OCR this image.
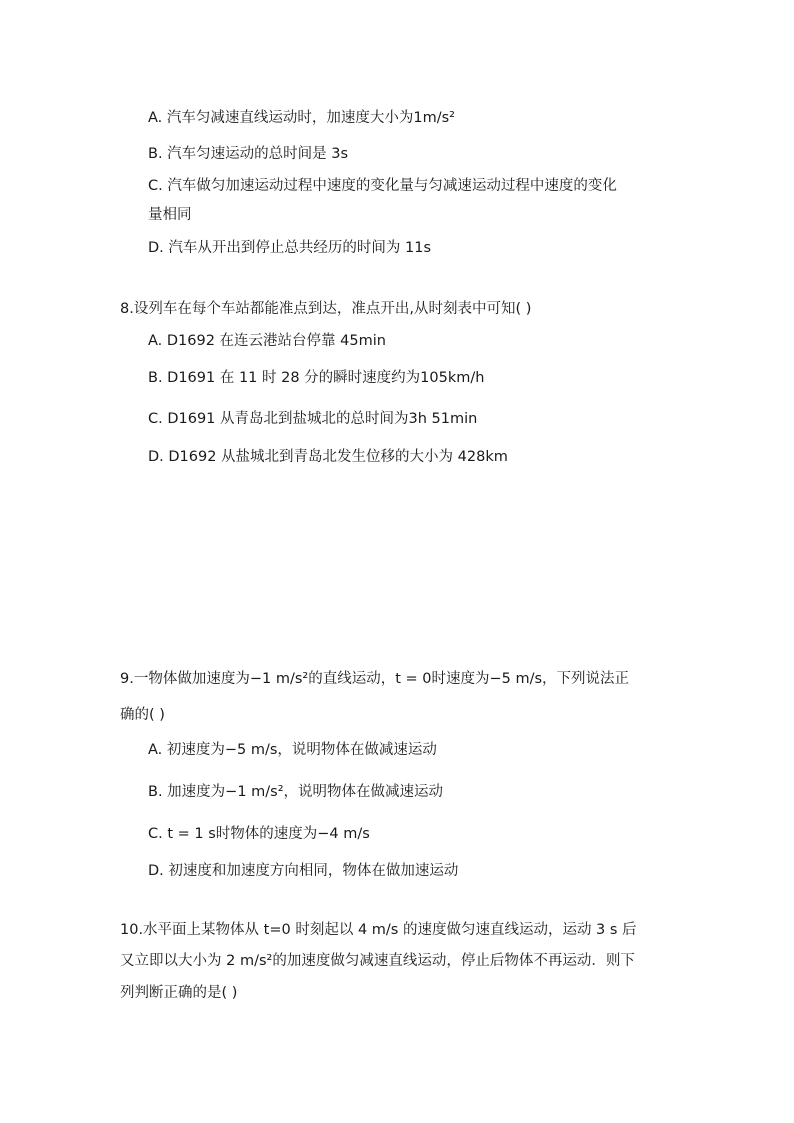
A. 汽车匀减速直线运动时，加速度大小为1m/s²
B. 汽车匀速运动的总时间是 3s
C. 汽车做匀加速运动过程中速度的变化量与匀减速运动过程中速度的变化
量相同
D. 汽车从开出到停止总共经历的时间为 11s
8.设列车在每个车站都能准点到达，准点开出,从时刻表中可知( )
A. D1692 在连云港站台停靠 45min
B. D1691 在 11 时 28 分的瞬时速度约为105km/h
C. D1691 从青岛北到盐城北的总时间为3h 51min
D. D1692 从盐城北到青岛北发生位移的大小为 428km
9.一物体做加速度为−1 m/s²的直线运动，t = 0时速度为−5 m/s，下列说法正
确的( )
A. 初速度为−5 m/s，说明物体在做减速运动
B. 加速度为−1 m/s²，说明物体在做减速运动
C. t = 1 s时物体的速度为−4 m/s
D. 初速度和加速度方向相同，物体在做加速运动
10.水平面上某物体从 t=0 时刻起以 4 m/s 的速度做匀速直线运动，运动 3 s 后
又立即以大小为 2 m/s²的加速度做匀减速直线运动，停止后物体不再运动．则下
列判断正确的是( )
